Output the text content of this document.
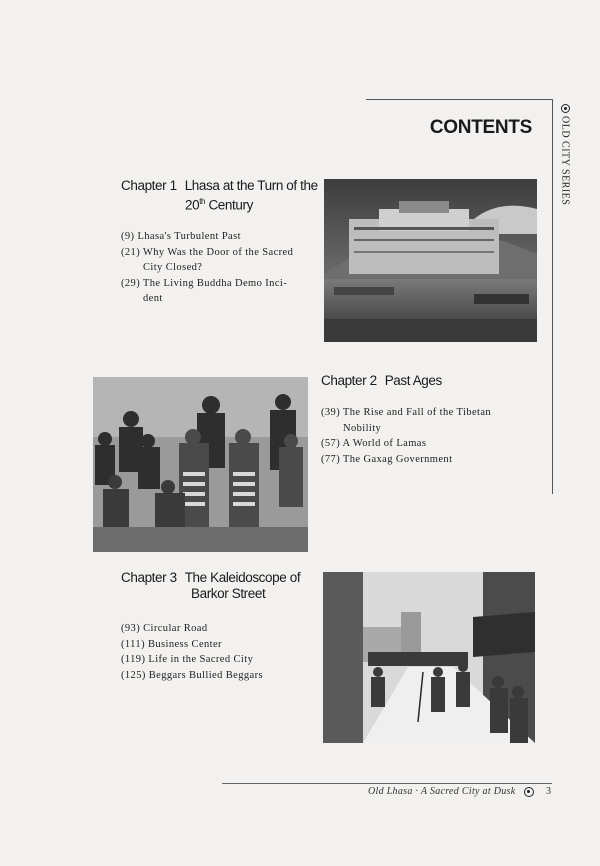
OLD CITY SERIES
CONTENTS
Chapter 1 Lhasa at the Turn of the
20th Century
(9) Lhasa's Turbulent Past
(21) Why Was the Door of the Sacred
City Closed?
(29) The Living Buddha Demo Inci-
dent
Chapter 2 Past Ages
(39) The Rise and Fall of the Tibetan
Nobility
(57) A World of Lamas
(77) The Gaxag Government
Chapter 3 The Kaleidoscope of
Barkor Street
(93) Circular Road
(111) Business Center
(119) Life in the Sacred City
(125) Beggars Bullied Beggars
Old Lhasa · A Sacred City at Dusk	3
